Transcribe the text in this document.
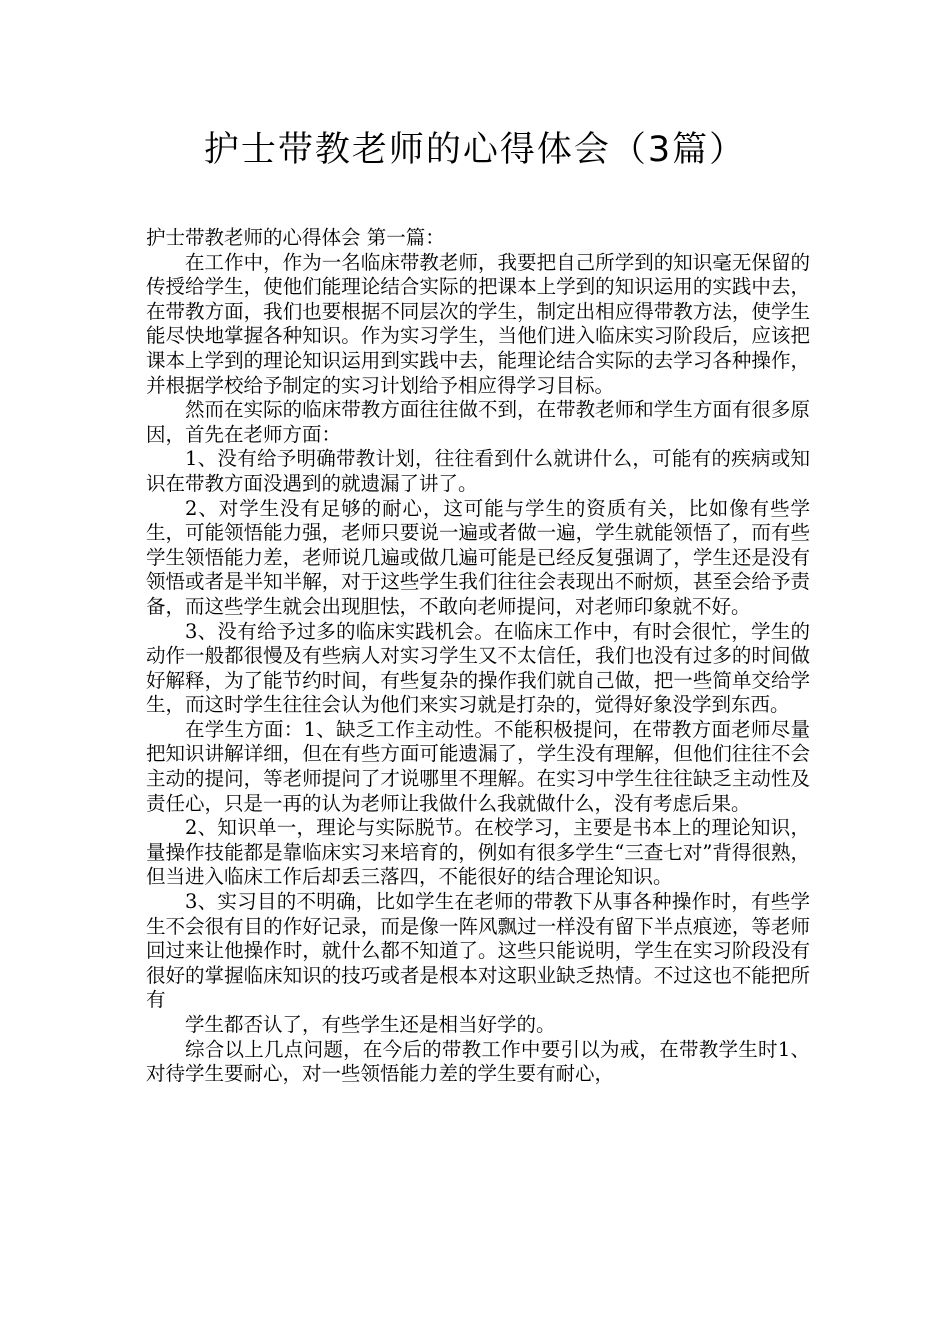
护士带教老师的心得体会（3篇）

护士带教老师的心得体会 第一篇：

在工作中，作为一名临床带教老师，我要把自己所学到的知识毫无保留的传授给学生，使他们能理论结合实际的把课本上学到的知识运用的实践中去，在带教方面，我们也要根据不同层次的学生，制定出相应得带教方法，使学生能尽快地掌握各种知识。作为实习学生，当他们进入临床实习阶段后，应该把课本上学到的理论知识运用到实践中去，能理论结合实际的去学习各种操作，并根据学校给予制定的实习计划给予相应得学习目标。

然而在实际的临床带教方面往往做不到，在带教老师和学生方面有很多原因，首先在老师方面：

1、没有给予明确带教计划，往往看到什么就讲什么，可能有的疾病或知识在带教方面没遇到的就遗漏了讲了。

2、对学生没有足够的耐心，这可能与学生的资质有关，比如像有些学生，可能领悟能力强，老师只要说一遍或者做一遍，学生就能领悟了，而有些学生领悟能力差，老师说几遍或做几遍可能是已经反复强调了，学生还是没有领悟或者是半知半解，对于这些学生我们往往会表现出不耐烦，甚至会给予责备，而这些学生就会出现胆怯，不敢向老师提问，对老师印象就不好。

3、没有给予过多的临床实践机会。在临床工作中，有时会很忙，学生的动作一般都很慢及有些病人对实习学生又不太信任，我们也没有过多的时间做好解释，为了能节约时间，有些复杂的操作我们就自己做，把一些简单交给学生，而这时学生往往会认为他们来实习就是打杂的，觉得好象没学到东西。

在学生方面：1、缺乏工作主动性。不能积极提问，在带教方面老师尽量把知识讲解详细，但在有些方面可能遗漏了，学生没有理解，但他们往往不会主动的提问，等老师提问了才说哪里不理解。在实习中学生往往缺乏主动性及责任心，只是一再的认为老师让我做什么我就做什么，没有考虑后果。

2、知识单一，理论与实际脱节。在校学习，主要是书本上的理论知识，量操作技能都是靠临床实习来培育的，例如有很多学生“三查七对”背得很熟，但当进入临床工作后却丢三落四，不能很好的结合理论知识。

3、实习目的不明确，比如学生在老师的带教下从事各种操作时，有些学生不会很有目的作好记录，而是像一阵风飘过一样没有留下半点痕迹，等老师回过来让他操作时，就什么都不知道了。这些只能说明，学生在实习阶段没有很好的掌握临床知识的技巧或者是根本对这职业缺乏热情。不过这也不能把所有

学生都否认了，有些学生还是相当好学的。

综合以上几点问题，在今后的带教工作中要引以为戒，在带教学生时1、对待学生要耐心，对一些领悟能力差的学生要有耐心，
